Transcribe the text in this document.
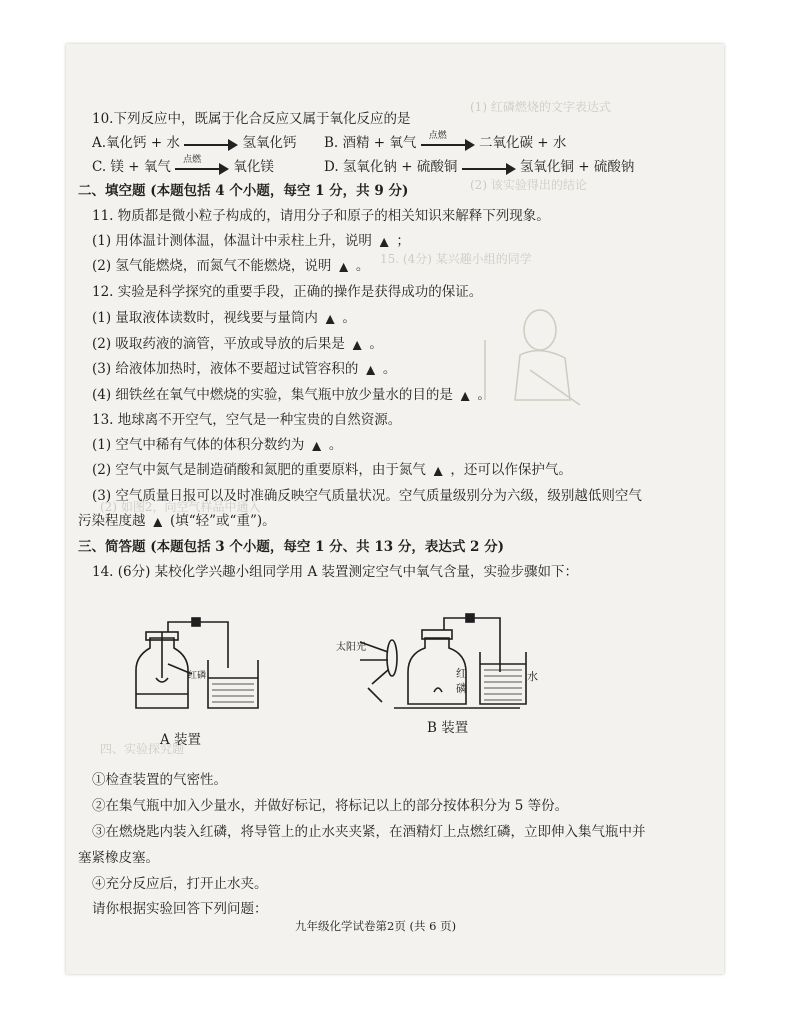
(1) 红磷燃烧的文字表达式
(2) 该实验得出的结论
15. (4分) 某兴趣小组的同学
(2) 如图2，向空气样品中通入
四、实验探究题
10.下列反应中，既属于化合反应又属于氧化反应的是
A.氧化钙 + 水	氢氧化钙 B. 酒精 + 氧气 点燃 二氧化碳 + 水
C. 镁 + 氧气 点燃 氧化镁	D. 氢氧化钠 + 硫酸铜	氢氧化铜 + 硫酸钠
二、填空题 (本题包括 4 个小题，每空 1 分，共 9 分)
11. 物质都是微小粒子构成的，请用分子和原子的相关知识来解释下列现象。
(1) 用体温计测体温，体温计中汞柱上升，说明 ▲ ；
(2) 氢气能燃烧，而氮气不能燃烧，说明 ▲ 。
12. 实验是科学探究的重要手段，正确的操作是获得成功的保证。
(1) 量取液体读数时，视线要与量筒内 ▲ 。
(2) 吸取药液的滴管，平放或导放的后果是 ▲ 。
(3) 给液体加热时，液体不要超过试管容积的 ▲ 。
(4) 细铁丝在氧气中燃烧的实验，集气瓶中放少量水的目的是 ▲ 。
13. 地球离不开空气，空气是一种宝贵的自然资源。
(1) 空气中稀有气体的体积分数约为 ▲ 。
(2) 空气中氮气是制造硝酸和氮肥的重要原料，由于氮气 ▲ ，还可以作保护气。
(3) 空气质量日报可以及时准确反映空气质量状况。空气质量级别分为六级，级别越低则空气
污染程度越 ▲ (填“轻”或“重”)。
三、简答题 (本题包括 3 个小题，每空 1 分、共 13 分，表达式 2 分)
14. (6分) 某校化学兴趣小组同学用 A 装置测定空气中氧气含量，实验步骤如下：
红磷
A 装置
太阳光
红
磷
水
B 装置
①检查装置的气密性。
②在集气瓶中加入少量水，并做好标记，将标记以上的部分按体积分为 5 等份。
③在燃烧匙内装入红磷，将导管上的止水夹夹紧，在酒精灯上点燃红磷，立即伸入集气瓶中并
塞紧橡皮塞。
④充分反应后，打开止水夹。
请你根据实验回答下列问题：
九年级化学试卷第2页 (共 6 页)
